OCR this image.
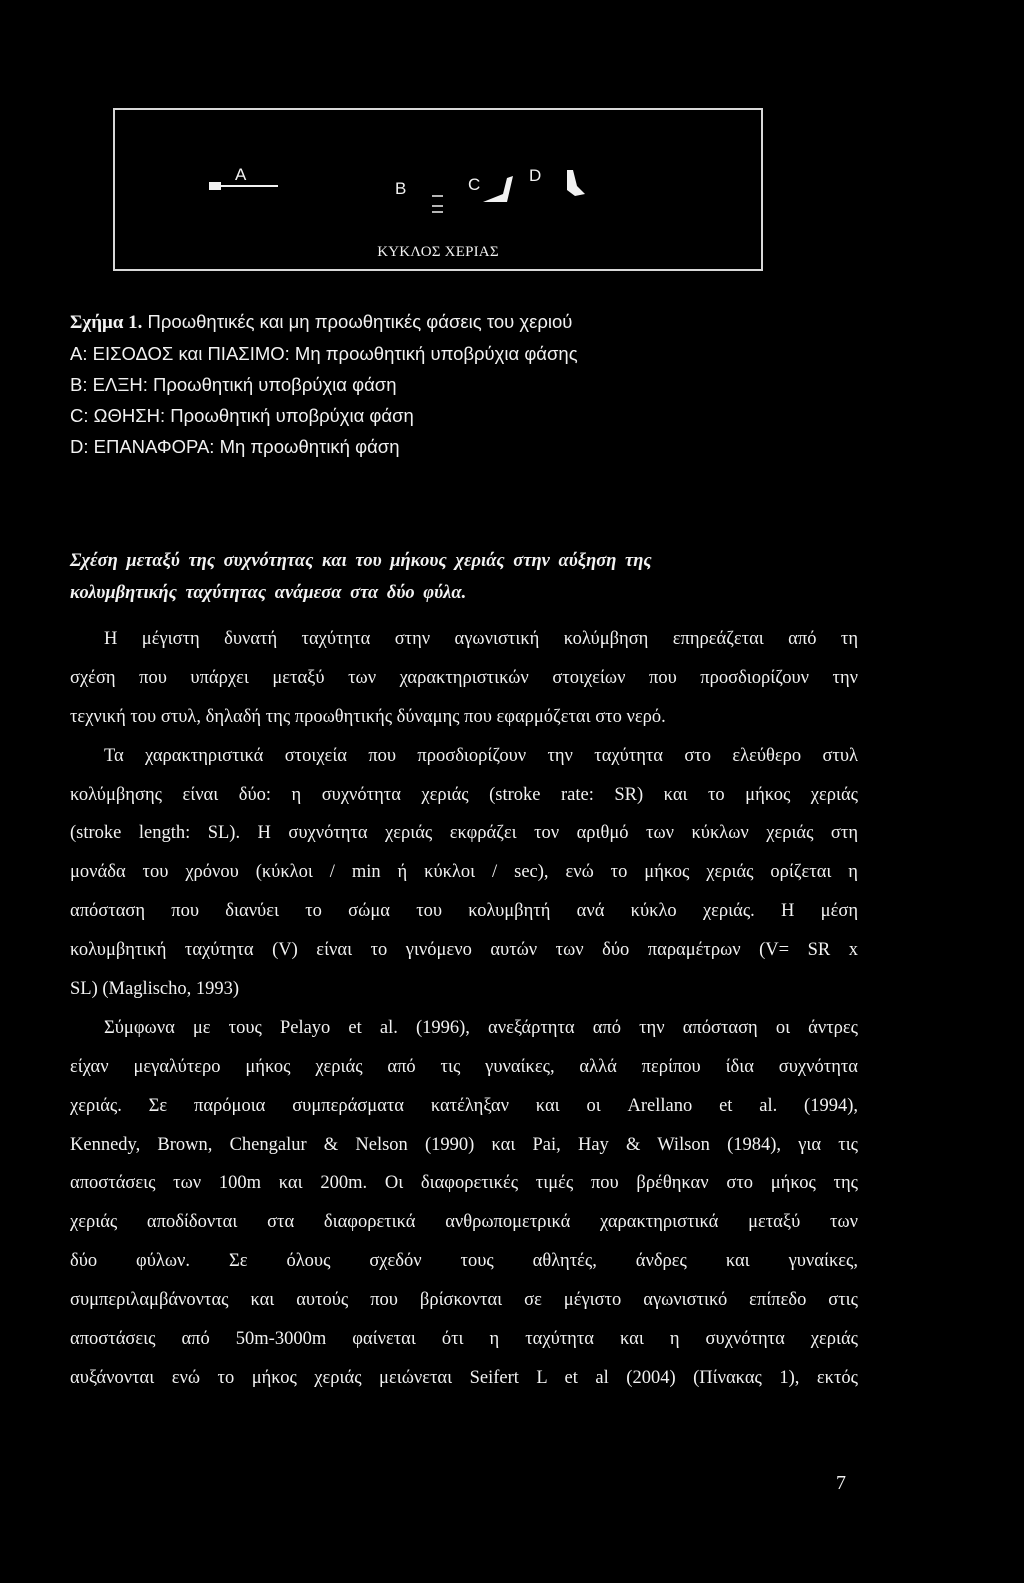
A
B	C	D
ΚΥΚΛΟΣ ΧΕΡΙΑΣ
Σχήμα 1. Προωθητικές και μη προωθητικές φάσεις του χεριού
A: ΕΙΣΟΔΟΣ και ΠΙΑΣΙΜΟ: Μη προωθητική υποβρύχια φάσης
B: ΕΛΞΗ: Προωθητική υποβρύχια φάση
C: ΩΘΗΣΗ: Προωθητική υποβρύχια φάση
D: ΕΠΑΝΑΦΟΡΑ: Μη προωθητική φάση
Σχέση μεταξύ της συχνότητας και του μήκους χεριάς στην αύξηση της
κολυμβητικής ταχύτητας ανάμεσα στα δύο φύλα.
Η μέγιστη δυνατή ταχύτητα στην αγωνιστική κολύμβηση επηρεάζεται από τη
σχέση που υπάρχει μεταξύ των χαρακτηριστικών στοιχείων που προσδιορίζουν την
τεχνική του στυλ, δηλαδή της προωθητικής δύναμης που εφαρμόζεται στο νερό.
Τα χαρακτηριστικά στοιχεία που προσδιορίζουν την ταχύτητα στο ελεύθερο στυλ
κολύμβησης είναι δύο: η συχνότητα χεριάς (stroke rate: SR) και το μήκος χεριάς
(stroke length: SL). Η συχνότητα χεριάς εκφράζει τον αριθμό των κύκλων χεριάς στη
μονάδα του χρόνου (κύκλοι / min ή κύκλοι / sec), ενώ το μήκος χεριάς ορίζεται η
απόσταση που διανύει το σώμα του κολυμβητή ανά κύκλο χεριάς. Η μέση
κολυμβητική ταχύτητα (V) είναι το γινόμενο αυτών των δύο παραμέτρων (V= SR x
SL) (Maglischo, 1993)
Σύμφωνα με τους Pelayo et al. (1996), ανεξάρτητα από την απόσταση οι άντρες
είχαν μεγαλύτερο μήκος χεριάς από τις γυναίκες, αλλά περίπου ίδια συχνότητα
χεριάς. Σε παρόμοια συμπεράσματα κατέληξαν και οι Arellano et al. (1994),
Kennedy, Brown, Chengalur & Nelson (1990) και Pai, Hay & Wilson (1984), για τις
αποστάσεις των 100m και 200m. Οι διαφορετικές τιμές που βρέθηκαν στο μήκος της
χεριάς αποδίδονται στα διαφορετικά ανθρωπομετρικά χαρακτηριστικά μεταξύ των
δύο φύλων. Σε όλους σχεδόν τους αθλητές, άνδρες και γυναίκες,
συμπεριλαμβάνοντας και αυτούς που βρίσκονται σε μέγιστο αγωνιστικό επίπεδο στις
αποστάσεις από 50m-3000m φαίνεται ότι η ταχύτητα και η συχνότητα χεριάς
αυξάνονται ενώ το μήκος χεριάς μειώνεται Seifert L et al (2004) (Πίνακας 1), εκτός
7
